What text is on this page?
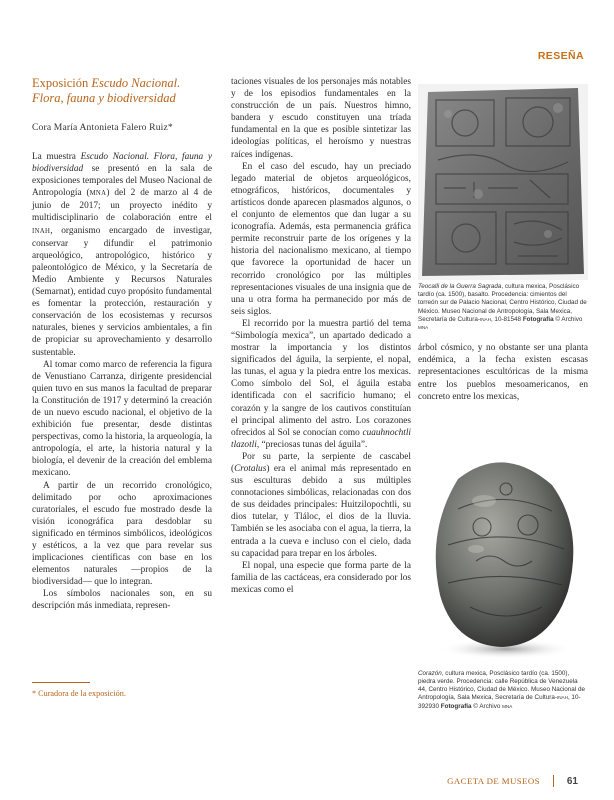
RESEÑA
Exposición Escudo Nacional.
Flora, fauna y biodiversidad

Cora María Antonieta Falero Ruiz*

La muestra Escudo Nacional. Flora, fauna y biodiversidad se presentó en la sala de exposiciones temporales del Museo Nacional de Antropología (MNA) del 2 de marzo al 4 de junio de 2017; un proyecto inédito y multidisciplinario de colaboración entre el INAH, organismo encargado de investigar, conservar y difundir el patrimonio arqueológico, antropológico, histórico y paleontológico de México, y la Secretaría de Medio Ambiente y Recursos Naturales (Semarnat), entidad cuyo propósito fundamental es fomentar la protección, restauración y conservación de los ecosistemas y recursos naturales, bienes y servicios ambientales, a fin de propiciar su aprovechamiento y desarrollo sustentable.

Al tomar como marco de referencia la figura de Venustiano Carranza, dirigente presidencial quien tuvo en sus manos la facultad de preparar la Constitución de 1917 y determinó la creación de un nuevo escudo nacional, el objetivo de la exhibición fue presentar, desde distintas perspectivas, como la historia, la arqueología, la antropología, el arte, la historia natural y la biología, el devenir de la creación del emblema mexicano.

A partir de un recorrido cronológico, delimitado por ocho aproximaciones curatoriales, el escudo fue mostrado desde la visión iconográfica para desdoblar su significado en términos simbólicos, ideológicos y estéticos, a la vez que para revelar sus implicaciones científicas con base en los elementos naturales —propios de la biodiversidad— que lo integran.

Los símbolos nacionales son, en su descripción más inmediata, represen-

* Curadora de la exposición.

taciones visuales de los personajes más notables y de los episodios fundamentales en la construcción de un país. Nuestros himno, bandera y escudo constituyen una tríada fundamental en la que es posible sintetizar las ideologías políticas, el heroísmo y nuestras raíces indígenas.

En el caso del escudo, hay un preciado legado material de objetos arqueológicos, etnográficos, históricos, documentales y artísticos donde aparecen plasmados algunos, o el conjunto de elementos que dan lugar a su iconografía. Además, esta permanencia gráfica permite reconstruir parte de los orígenes y la historia del nacionalismo mexicano, al tiempo que favorece la oportunidad de hacer un recorrido cronológico por las múltiples representaciones visuales de una insignia que de una u otra forma ha permanecido por más de seis siglos.

El recorrido por la muestra partió del tema “Simbología mexica”, un apartado dedicado a mostrar la importancia y los distintos significados del águila, la serpiente, el nopal, las tunas, el agua y la piedra entre los mexicas. Como símbolo del Sol, el águila estaba identificada con el sacrificio humano; el corazón y la sangre de los cautivos constituían el principal alimento del astro. Los corazones ofrecidos al Sol se conocían como cuauhnochtli tlazotli, “preciosas tunas del águila”.

Por su parte, la serpiente de cascabel (Crotalus) era el animal más representado en sus esculturas debido a sus múltiples connotaciones simbólicas, relacionadas con dos de sus deidades principales: Huitzilopochtli, su dios tutelar, y Tláloc, el dios de la lluvia. También se les asociaba con el agua, la tierra, la entrada a la cueva e incluso con el cielo, dada su capacidad para trepar en los árboles.

El nopal, una especie que forma parte de la familia de las cactáceas, era considerado por los mexicas como el

Teocalli de la Guerra Sagrada, cultura mexica, Posclásico tardío (ca. 1500), basalto. Procedencia: cimientos del torreón sur de Palacio Nacional, Centro Histórico, Ciudad de México. Museo Nacional de Antropología, Sala Mexica, Secretaría de Cultura-INAH, 10-81548 Fotografía © Archivo MNA

árbol cósmico, y no obstante ser una planta endémica, a la fecha existen escasas representaciones escultóricas de la misma entre los pueblos mesoamericanos, en concreto entre los mexicas,

Corazón, cultura mexica, Posclásico tardío (ca. 1500), piedra verde. Procedencia: calle República de Venezuela 44, Centro Histórico, Ciudad de México. Museo Nacional de Antropología, Sala Mexica, Secretaría de Cultura-INAH, 10-392930 Fotografía © Archivo MNA

GACETA DE MUSEOS	61
